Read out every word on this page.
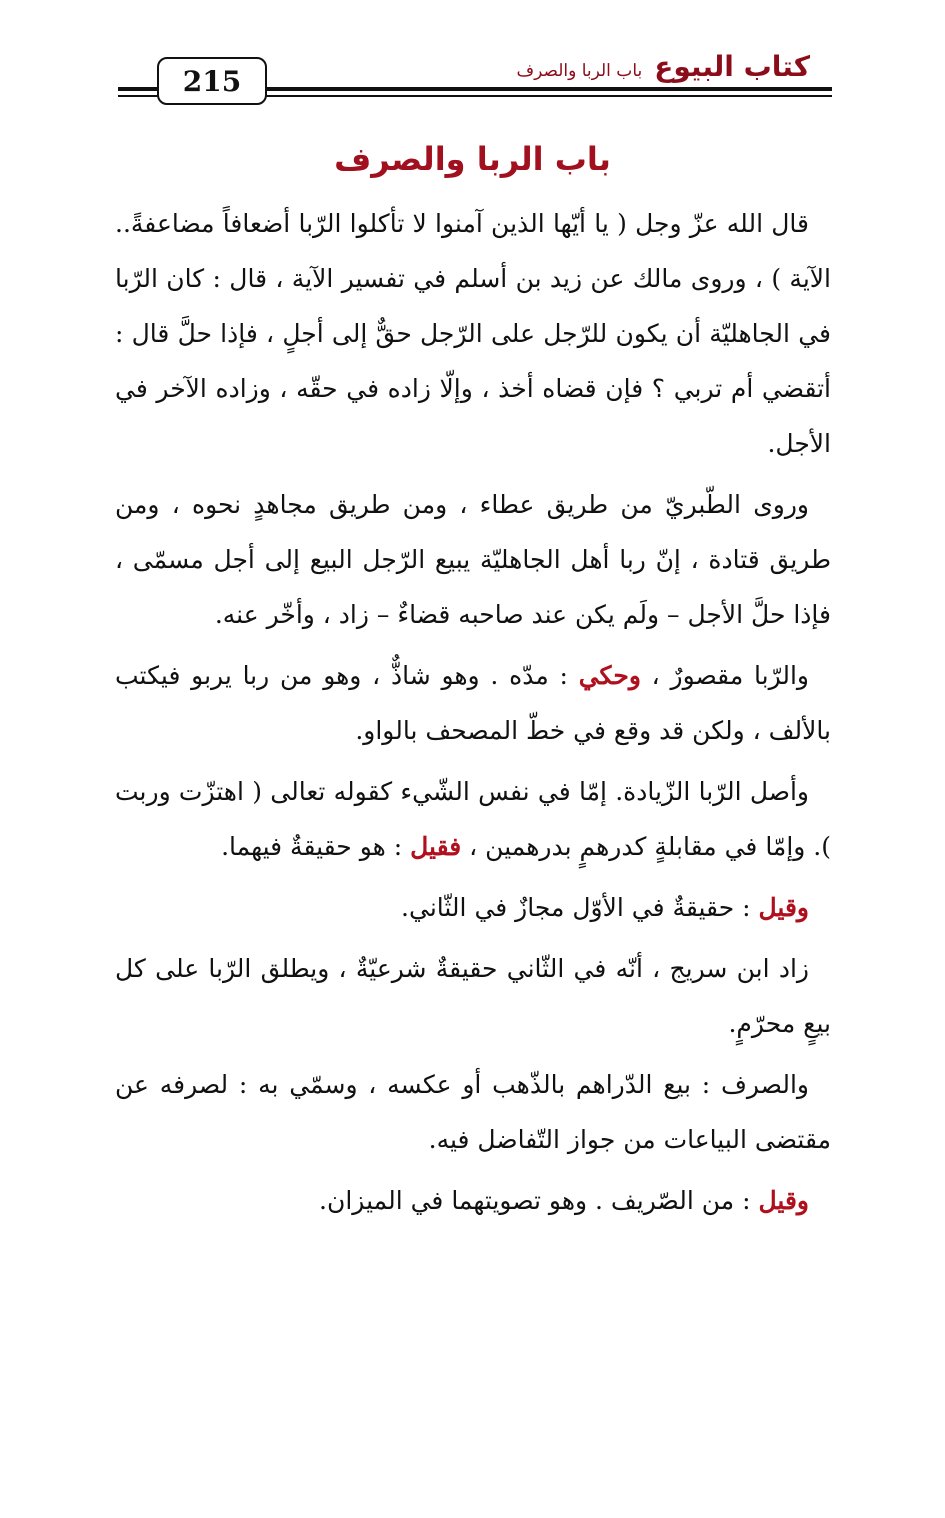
215	كتاب البيوع
باب الربا والصرف
باب الربا والصرف

قال الله عزّ وجل ( يا أيّها الذين آمنوا لا تأكلوا الرّبا أضعافاً مضاعفةً.. الآية ) ، وروى مالك عن زيد بن أسلم في تفسير الآية ، قال : كان الرّبا في الجاهليّة أن يكون للرّجل على الرّجل حقٌّ إلى أجلٍ ، فإذا حلَّ قال : أتقضي أم تربي ؟ فإن قضاه أخذ ، وإلّا زاده في حقّه ، وزاده الآخر في الأجل.

وروى الطّبريّ من طريق عطاء ، ومن طريق مجاهدٍ نحوه ، ومن طريق قتادة ، إنّ ربا أهل الجاهليّة يبيع الرّجل البيع إلى أجل مسمّى ، فإذا حلَّ الأجل – ولَم يكن عند صاحبه قضاءٌ – زاد ، وأخّر عنه.

والرّبا مقصورٌ ، وحكي : مدّه . وهو شاذٌّ ، وهو من ربا يربو فيكتب بالألف ، ولكن قد وقع في خطّ المصحف بالواو.

وأصل الرّبا الزّيادة. إمّا في نفس الشّيء كقوله تعالى ( اهتزّت وربت ). وإمّا في مقابلةٍ كدرهمٍ بدرهمين ، فقيل : هو حقيقةٌ فيهما.

وقيل : حقيقةٌ في الأوّل مجازٌ في الثّاني.

زاد ابن سريج ، أنّه في الثّاني حقيقةٌ شرعيّةٌ ، ويطلق الرّبا على كل بيعٍ محرّمٍ.

والصرف : بيع الدّراهم بالذّهب أو عكسه ، وسمّي به : لصرفه عن مقتضى البياعات من جواز التّفاضل فيه.

وقيل : من الصّريف . وهو تصويتهما في الميزان.
